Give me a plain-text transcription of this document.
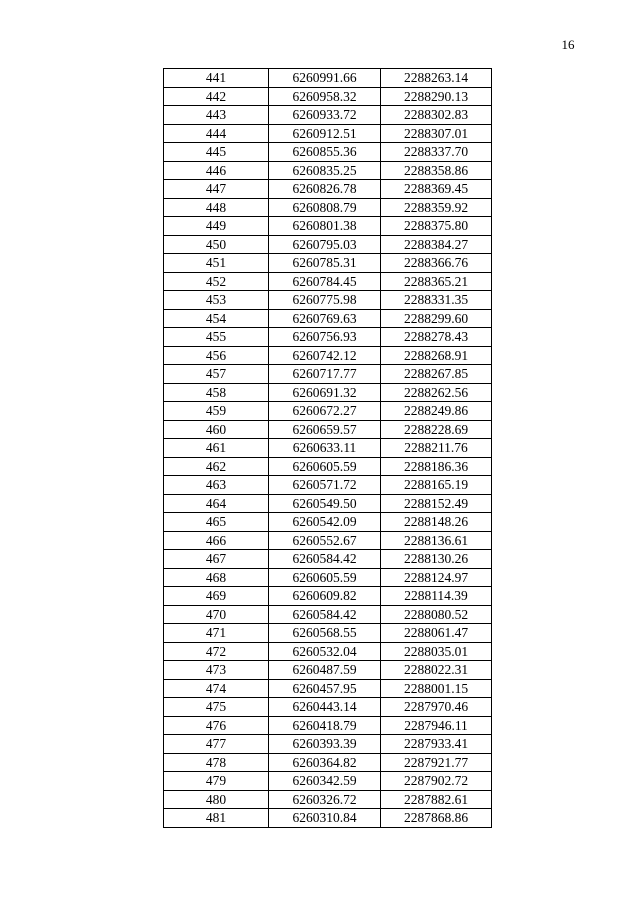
16
441	6260991.66	2288263.14
442	6260958.32	2288290.13
443	6260933.72	2288302.83
444	6260912.51	2288307.01
445	6260855.36	2288337.70
446	6260835.25	2288358.86
447	6260826.78	2288369.45
448	6260808.79	2288359.92
449	6260801.38	2288375.80
450	6260795.03	2288384.27
451	6260785.31	2288366.76
452	6260784.45	2288365.21
453	6260775.98	2288331.35
454	6260769.63	2288299.60
455	6260756.93	2288278.43
456	6260742.12	2288268.91
457	6260717.77	2288267.85
458	6260691.32	2288262.56
459	6260672.27	2288249.86
460	6260659.57	2288228.69
461	6260633.11	2288211.76
462	6260605.59	2288186.36
463	6260571.72	2288165.19
464	6260549.50	2288152.49
465	6260542.09	2288148.26
466	6260552.67	2288136.61
467	6260584.42	2288130.26
468	6260605.59	2288124.97
469	6260609.82	2288114.39
470	6260584.42	2288080.52
471	6260568.55	2288061.47
472	6260532.04	2288035.01
473	6260487.59	2288022.31
474	6260457.95	2288001.15
475	6260443.14	2287970.46
476	6260418.79	2287946.11
477	6260393.39	2287933.41
478	6260364.82	2287921.77
479	6260342.59	2287902.72
480	6260326.72	2287882.61
481	6260310.84	2287868.86
